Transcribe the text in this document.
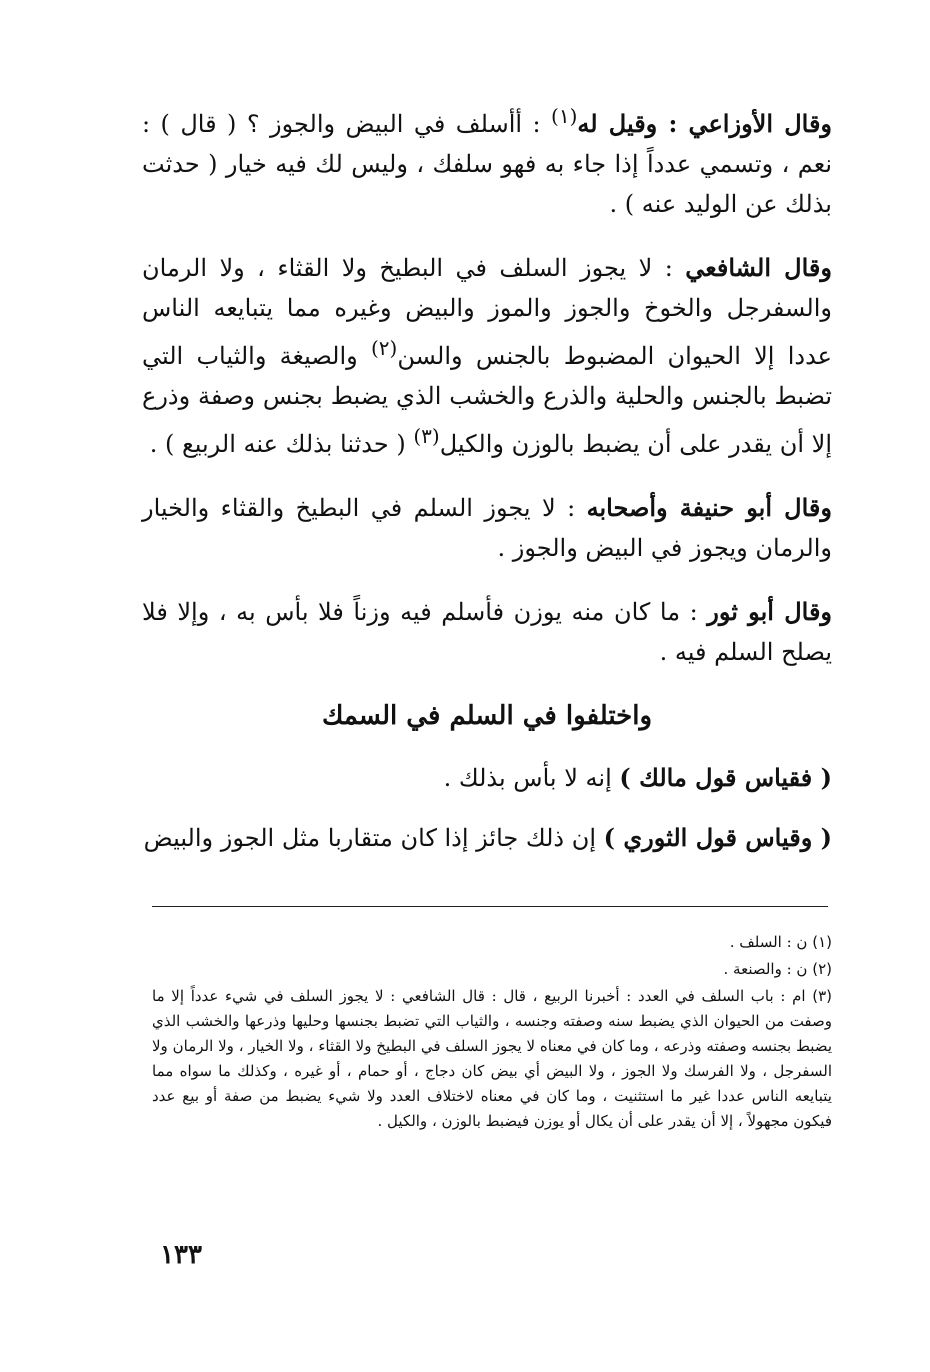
وقال الأوزاعي : وقيل له$^{(١)}$ : أأسلف في البيض والجوز ؟ ( قال ) : نعم ، وتسمي عدداً إذا جاء به فهو سلفك ، وليس لك فيه خيار ( حدثت بذلك عن الوليد عنه ) .

وقال الشافعي : لا يجوز السلف في البطيخ ولا القثاء ، ولا الرمان والسفرجل والخوخ والجوز والموز والبيض وغيره مما يتبايعه الناس عددا إلا الحيوان المضبوط بالجنس والسن$^{(٢)}$ والصيغة والثياب التي تضبط بالجنس والحلية والذرع والخشب الذي يضبط بجنس وصفة وذرع إلا أن يقدر على أن يضبط بالوزن والكيل$^{(٣)}$ ( حدثنا بذلك عنه الربيع ) .

وقال أبو حنيفة وأصحابه : لا يجوز السلم في البطيخ والقثاء والخيار والرمان ويجوز في البيض والجوز .

وقال أبو ثور : ما كان منه يوزن فأسلم فيه وزناً فلا بأس به ، وإلا فلا يصلح السلم فيه .

واختلفوا في السلم في السمك

( فقياس قول مالك ) إنه لا بأس بذلك .

( وقياس قول الثوري ) إن ذلك جائز إذا كان متقاربا مثل الجوز والبيض

(١) ن : السلف .

(٢) ن : والصنعة .

(٣) ام : باب السلف في العدد : أخبرنا الربيع ، قال : قال الشافعي : لا يجوز السلف في شيء عدداً إلا ما وصفت من الحيوان الذي يضبط سنه وصفته وجنسه ، والثياب التي تضبط بجنسها وحليها وذرعها والخشب الذي يضبط بجنسه وصفته وذرعه ، وما كان في معناه لا يجوز السلف في البطيخ ولا القثاء ، ولا الخيار ، ولا الرمان ولا السفرجل ، ولا الفرسك ولا الجوز ، ولا البيض أي بيض كان دجاج ، أو حمام ، أو غيره ، وكذلك ما سواه مما يتبايعه الناس عددا غير ما استثنيت ، وما كان في معناه لاختلاف العدد ولا شيء يضبط من صفة أو بيع عدد فيكون مجهولاً ، إلا أن يقدر على أن يكال أو يوزن فيضبط بالوزن ، والكيل .

١٣٣
